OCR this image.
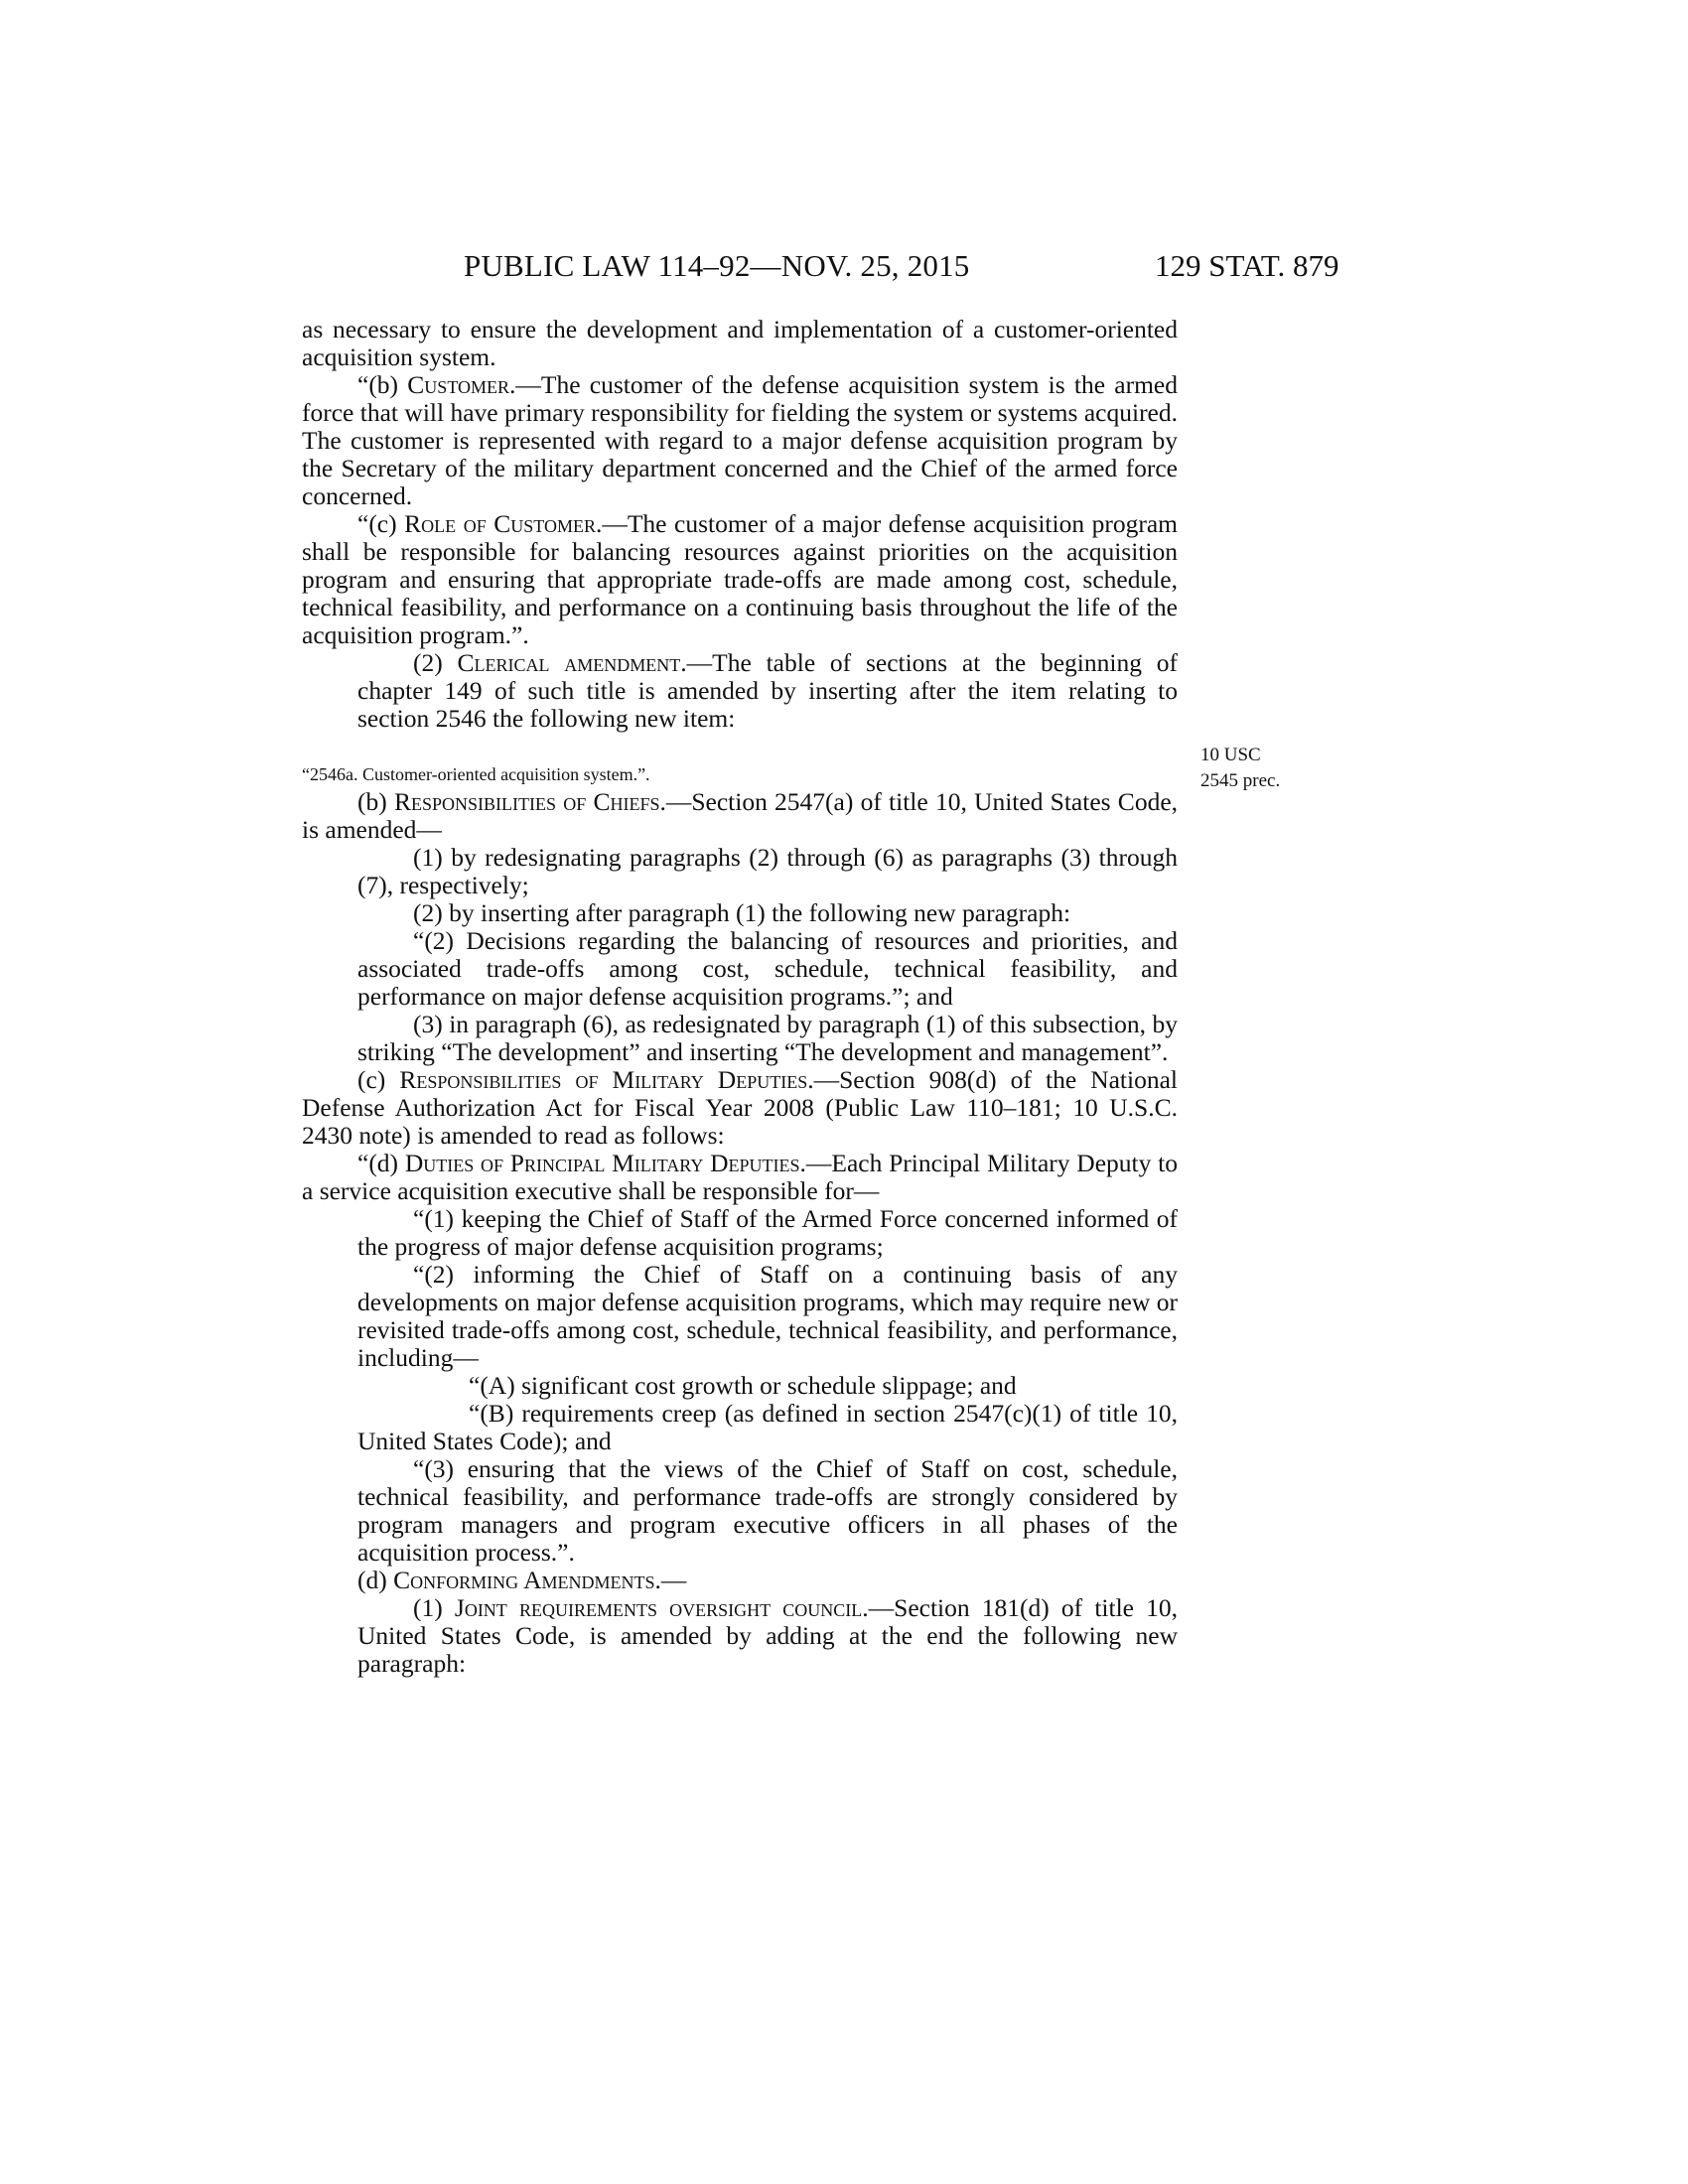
PUBLIC LAW 114–92—NOV. 25, 2015	129 STAT. 879
10 USC
2545 prec.

as necessary to ensure the development and implementation of a customer-oriented acquisition system.

“(b) Customer.—The customer of the defense acquisition system is the armed force that will have primary responsibility for fielding the system or systems acquired. The customer is represented with regard to a major defense acquisition program by the Secretary of the military department concerned and the Chief of the armed force concerned.

“(c) Role of Customer.—The customer of a major defense acquisition program shall be responsible for balancing resources against priorities on the acquisition program and ensuring that appropriate trade-offs are made among cost, schedule, technical feasibility, and performance on a continuing basis throughout the life of the acquisition program.”.

(2) Clerical amendment.—The table of sections at the beginning of chapter 149 of such title is amended by inserting after the item relating to section 2546 the following new item:

“2546a. Customer-oriented acquisition system.”.

(b) Responsibilities of Chiefs.—Section 2547(a) of title 10, United States Code, is amended—

(1) by redesignating paragraphs (2) through (6) as paragraphs (3) through (7), respectively;

(2) by inserting after paragraph (1) the following new paragraph:

“(2) Decisions regarding the balancing of resources and priorities, and associated trade-offs among cost, schedule, technical feasibility, and performance on major defense acquisition programs.”; and

(3) in paragraph (6), as redesignated by paragraph (1) of this subsection, by striking “The development” and inserting “The development and management”.

(c) Responsibilities of Military Deputies.—Section 908(d) of the National Defense Authorization Act for Fiscal Year 2008 (Public Law 110–181; 10 U.S.C. 2430 note) is amended to read as follows:

“(d) Duties of Principal Military Deputies.—Each Principal Military Deputy to a service acquisition executive shall be responsible for—

“(1) keeping the Chief of Staff of the Armed Force concerned informed of the progress of major defense acquisition programs;

“(2) informing the Chief of Staff on a continuing basis of any developments on major defense acquisition programs, which may require new or revisited trade-offs among cost, schedule, technical feasibility, and performance, including—

“(A) significant cost growth or schedule slippage; and

“(B) requirements creep (as defined in section 2547(c)(1) of title 10, United States Code); and

“(3) ensuring that the views of the Chief of Staff on cost, schedule, technical feasibility, and performance trade-offs are strongly considered by program managers and program executive officers in all phases of the acquisition process.”.

(d) Conforming Amendments.—

(1) Joint requirements oversight council.—Section 181(d) of title 10, United States Code, is amended by adding at the end the following new paragraph:
